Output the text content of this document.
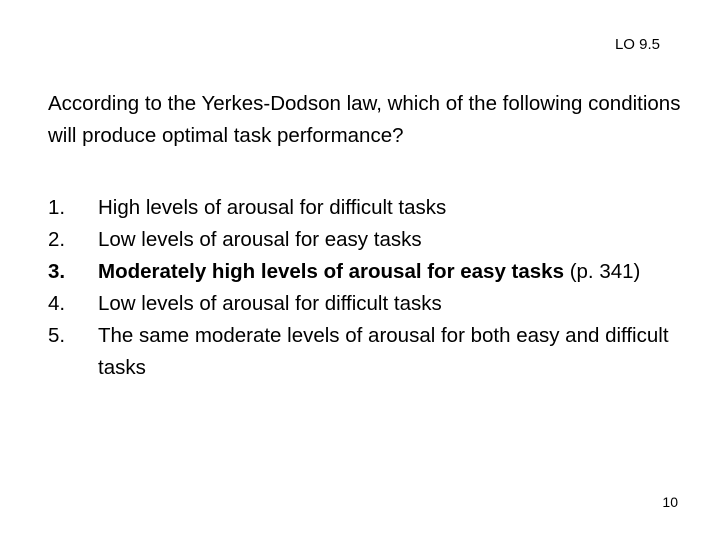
LO 9.5
According to the Yerkes-Dodson law, which of the following conditions will produce optimal task performance?
1.	High levels of arousal for difficult tasks
2.	Low levels of arousal for easy tasks
3.	Moderately high levels of arousal for easy tasks (p. 341)
4.	Low levels of arousal for difficult tasks
5.	The same moderate levels of arousal for both easy and difficult tasks
10
